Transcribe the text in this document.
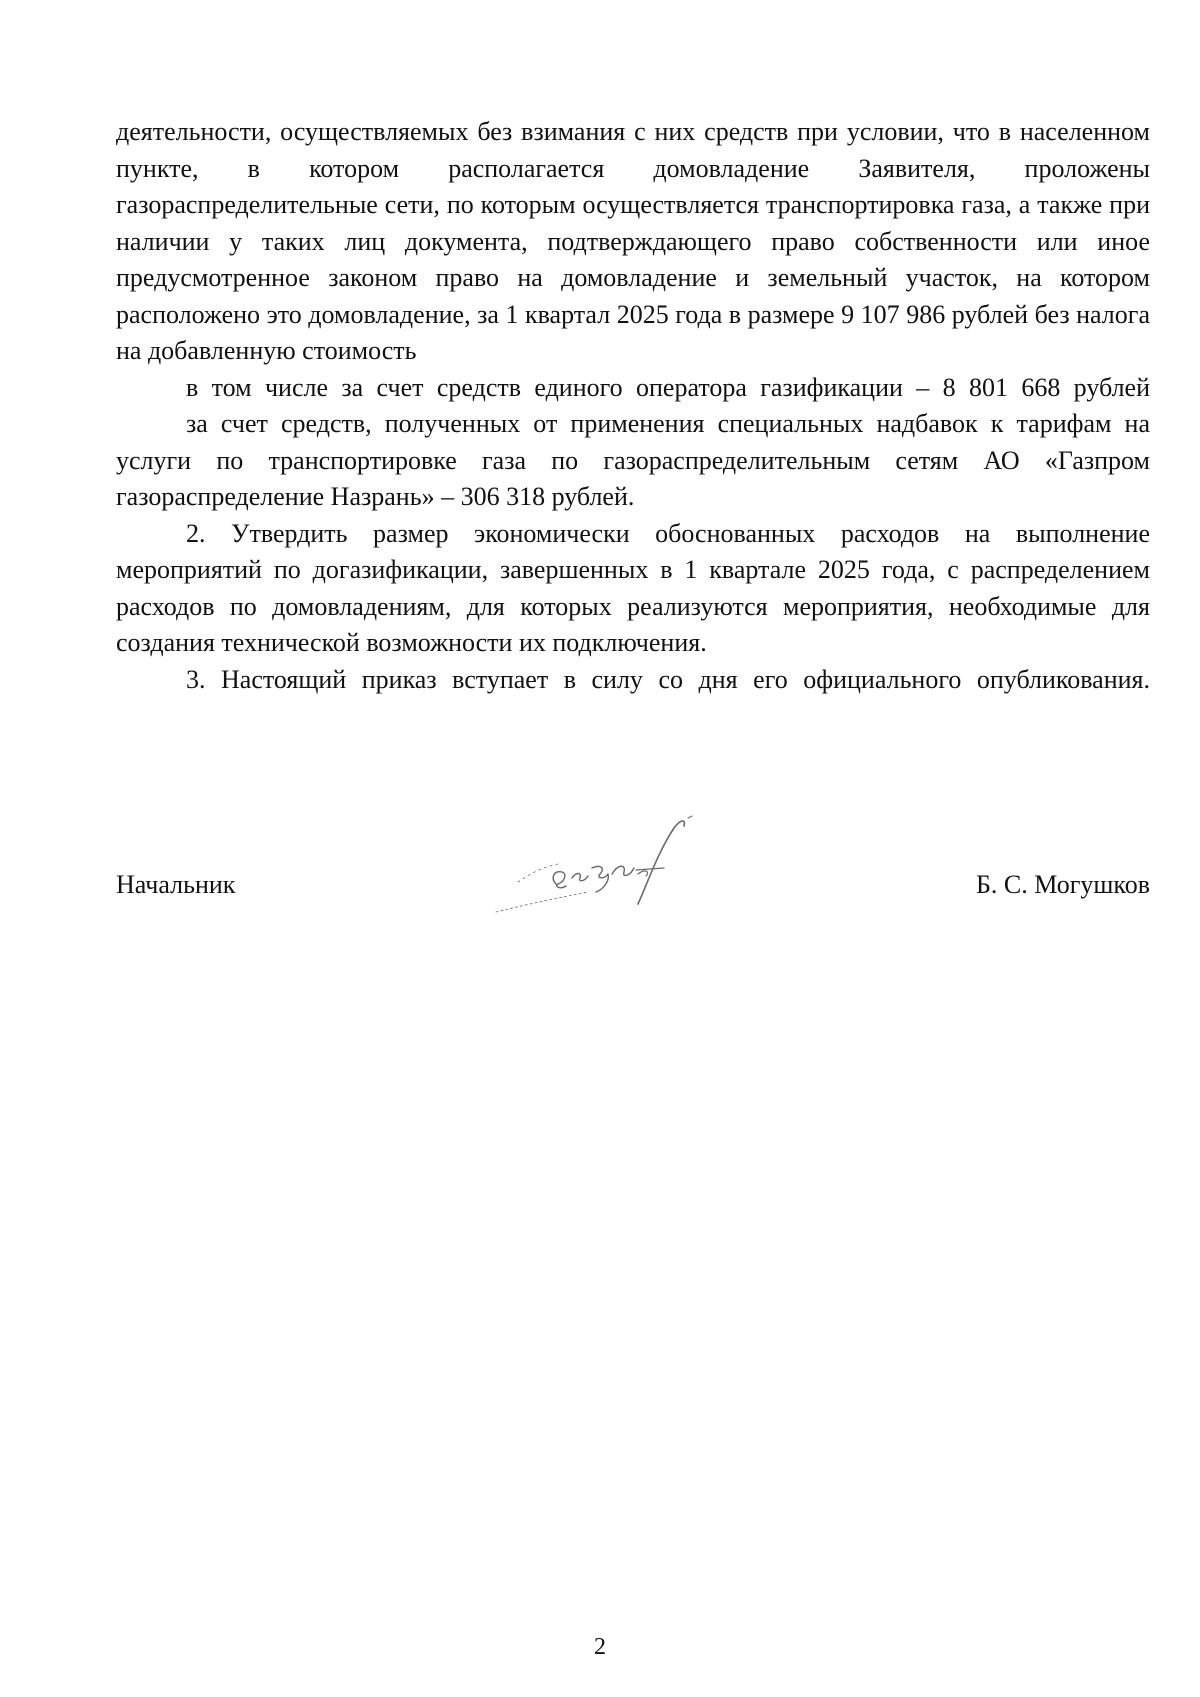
деятельности, осуществляемых без взимания с них средств при условии, что в населенном пункте, в котором располагается домовладение Заявителя, проложены газораспределительные сети, по которым осуществляется транспортировка газа, а также при наличии у таких лиц документа, подтверждающего право собственности или иное предусмотренное законом право на домовладение и земельный участок, на котором расположено это домовладение, за 1 квартал 2025 года в размере 9 107 986 рублей без налога на добавленную стоимость

в том числе за счет средств единого оператора газификации – 8 801 668 рублей

за счет средств, полученных от применения специальных надбавок к тарифам на услуги по транспортировке газа по газораспределительным сетям АО «Газпром газораспределение Назрань» – 306 318 рублей.

2. Утвердить размер экономически обоснованных расходов на выполнение мероприятий по догазификации, завершенных в 1 квартале 2025 года, с распределением расходов по домовладениям, для которых реализуются мероприятия, необходимые для создания технической возможности их подключения.

3. Настоящий приказ вступает в силу со дня его официального опубликования.

Начальник	Б. С. Могушков
2
